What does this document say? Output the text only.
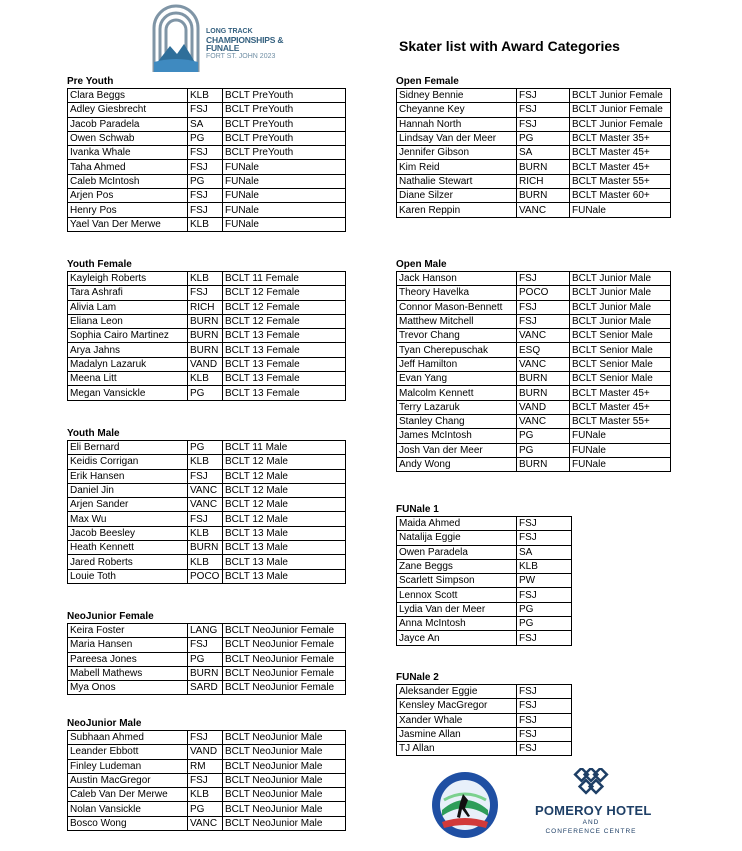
LONG TRACK
CHAMPIONSHIPS &
FUNALE
FORT ST. JOHN 2023
Skater list with Award Categories
Pre Youth
Clara Beggs	KLB	BCLT PreYouth
Adley Giesbrecht	FSJ	BCLT PreYouth
Jacob Paradela	SA	BCLT PreYouth
Owen Schwab	PG	BCLT PreYouth
Ivanka Whale	FSJ	BCLT PreYouth
Taha Ahmed	FSJ	FUNale
Caleb McIntosh	PG	FUNale
Arjen Pos	FSJ	FUNale
Henry Pos	FSJ	FUNale
Yael Van Der Merwe	KLB	FUNale
Youth Female
Kayleigh Roberts	KLB	BCLT 11 Female
Tara Ashrafi	FSJ	BCLT 12 Female
Alivia Lam	RICH	BCLT 12 Female
Eliana Leon	BURN	BCLT 12 Female
Sophia Cairo Martinez	BURN	BCLT 13 Female
Arya Jahns	BURN	BCLT 13 Female
Madalyn Lazaruk	VAND	BCLT 13 Female
Meena Litt	KLB	BCLT 13 Female
Megan Vansickle	PG	BCLT 13 Female
Youth Male
Eli Bernard	PG	BCLT 11 Male
Keidis Corrigan	KLB	BCLT 12 Male
Erik Hansen	FSJ	BCLT 12 Male
Daniel Jin	VANC	BCLT 12 Male
Arjen Sander	VANC	BCLT 12 Male
Max Wu	FSJ	BCLT 12 Male
Jacob Beesley	KLB	BCLT 13 Male
Heath Kennett	BURN	BCLT 13 Male
Jared Roberts	KLB	BCLT 13 Male
Louie Toth	POCO	BCLT 13 Male
NeoJunior Female
Keira Foster	LANG	BCLT NeoJunior Female
Maria Hansen	FSJ	BCLT NeoJunior Female
Pareesa Jones	PG	BCLT NeoJunior Female
Mabell Mathews	BURN	BCLT NeoJunior Female
Mya Onos	SARD	BCLT NeoJunior Female
NeoJunior Male
Subhaan Ahmed	FSJ	BCLT NeoJunior Male
Leander Ebbott	VAND	BCLT NeoJunior Male
Finley Ludeman	RM	BCLT NeoJunior Male
Austin MacGregor	FSJ	BCLT NeoJunior Male
Caleb Van Der Merwe	KLB	BCLT NeoJunior Male
Nolan Vansickle	PG	BCLT NeoJunior Male
Bosco Wong	VANC	BCLT NeoJunior Male
Open Female
Sidney Bennie	FSJ	BCLT Junior Female
Cheyanne Key	FSJ	BCLT Junior Female
Hannah North	FSJ	BCLT Junior Female
Lindsay Van der Meer	PG	BCLT Master 35+
Jennifer Gibson	SA	BCLT Master 45+
Kim Reid	BURN	BCLT Master 45+
Nathalie Stewart	RICH	BCLT Master 55+
Diane Silzer	BURN	BCLT Master 60+
Karen Reppin	VANC	FUNale
Open Male
Jack Hanson	FSJ	BCLT Junior Male
Theory Havelka	POCO	BCLT Junior Male
Connor Mason-Bennett	FSJ	BCLT Junior Male
Matthew Mitchell	FSJ	BCLT Junior Male
Trevor Chang	VANC	BCLT Senior Male
Tyan Cherepuschak	ESQ	BCLT Senior Male
Jeff Hamilton	VANC	BCLT Senior Male
Evan Yang	BURN	BCLT Senior Male
Malcolm Kennett	BURN	BCLT Master 45+
Terry Lazaruk	VAND	BCLT Master 45+
Stanley Chang	VANC	BCLT Master 55+
James McIntosh	PG	FUNale
Josh Van der Meer	PG	FUNale
Andy Wong	BURN	FUNale
FUNale 1
Maida Ahmed	FSJ
Natalija Eggie	FSJ
Owen Paradela	SA
Zane Beggs	KLB
Scarlett Simpson	PW
Lennox Scott	FSJ
Lydia Van der Meer	PG
Anna McIntosh	PG
Jayce An	FSJ
FUNale 2
Aleksander Eggie	FSJ
Kensley MacGregor	FSJ
Xander Whale	FSJ
Jasmine Allan	FSJ
TJ Allan	FSJ
POMEROY HOTEL
AND
CONFERENCE CENTRE
